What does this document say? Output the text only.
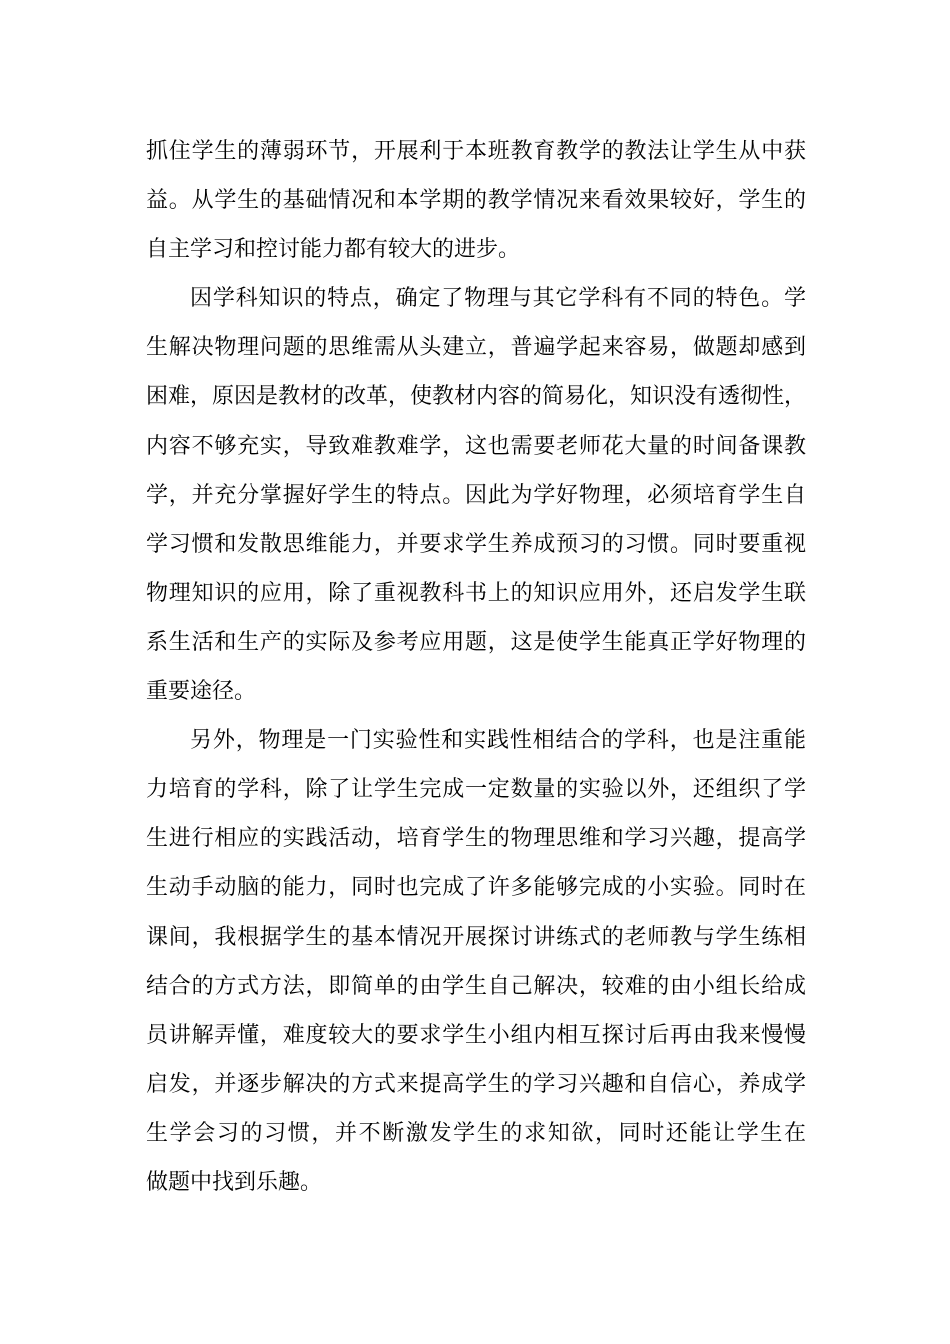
抓住学生的薄弱环节，开展利于本班教育教学的教法让学生从中获
益。从学生的基础情况和本学期的教学情况来看效果较好，学生的
自主学习和控讨能力都有较大的进步。
因学科知识的特点，确定了物理与其它学科有不同的特色。学
生解决物理问题的思维需从头建立，普遍学起来容易，做题却感到
困难，原因是教材的改革，使教材内容的简易化，知识没有透彻性，
内容不够充实，导致难教难学，这也需要老师花大量的时间备课教
学，并充分掌握好学生的特点。因此为学好物理，必须培育学生自
学习惯和发散思维能力，并要求学生养成预习的习惯。同时要重视
物理知识的应用，除了重视教科书上的知识应用外，还启发学生联
系生活和生产的实际及参考应用题，这是使学生能真正学好物理的
重要途径。
另外，物理是一门实验性和实践性相结合的学科，也是注重能
力培育的学科，除了让学生完成一定数量的实验以外，还组织了学
生进行相应的实践活动，培育学生的物理思维和学习兴趣，提高学
生动手动脑的能力，同时也完成了许多能够完成的小实验。同时在
课间，我根据学生的基本情况开展探讨讲练式的老师教与学生练相
结合的方式方法，即简单的由学生自己解决，较难的由小组长给成
员讲解弄懂，难度较大的要求学生小组内相互探讨后再由我来慢慢
启发，并逐步解决的方式来提高学生的学习兴趣和自信心，养成学
生学会习的习惯，并不断激发学生的求知欲，同时还能让学生在
做题中找到乐趣。
